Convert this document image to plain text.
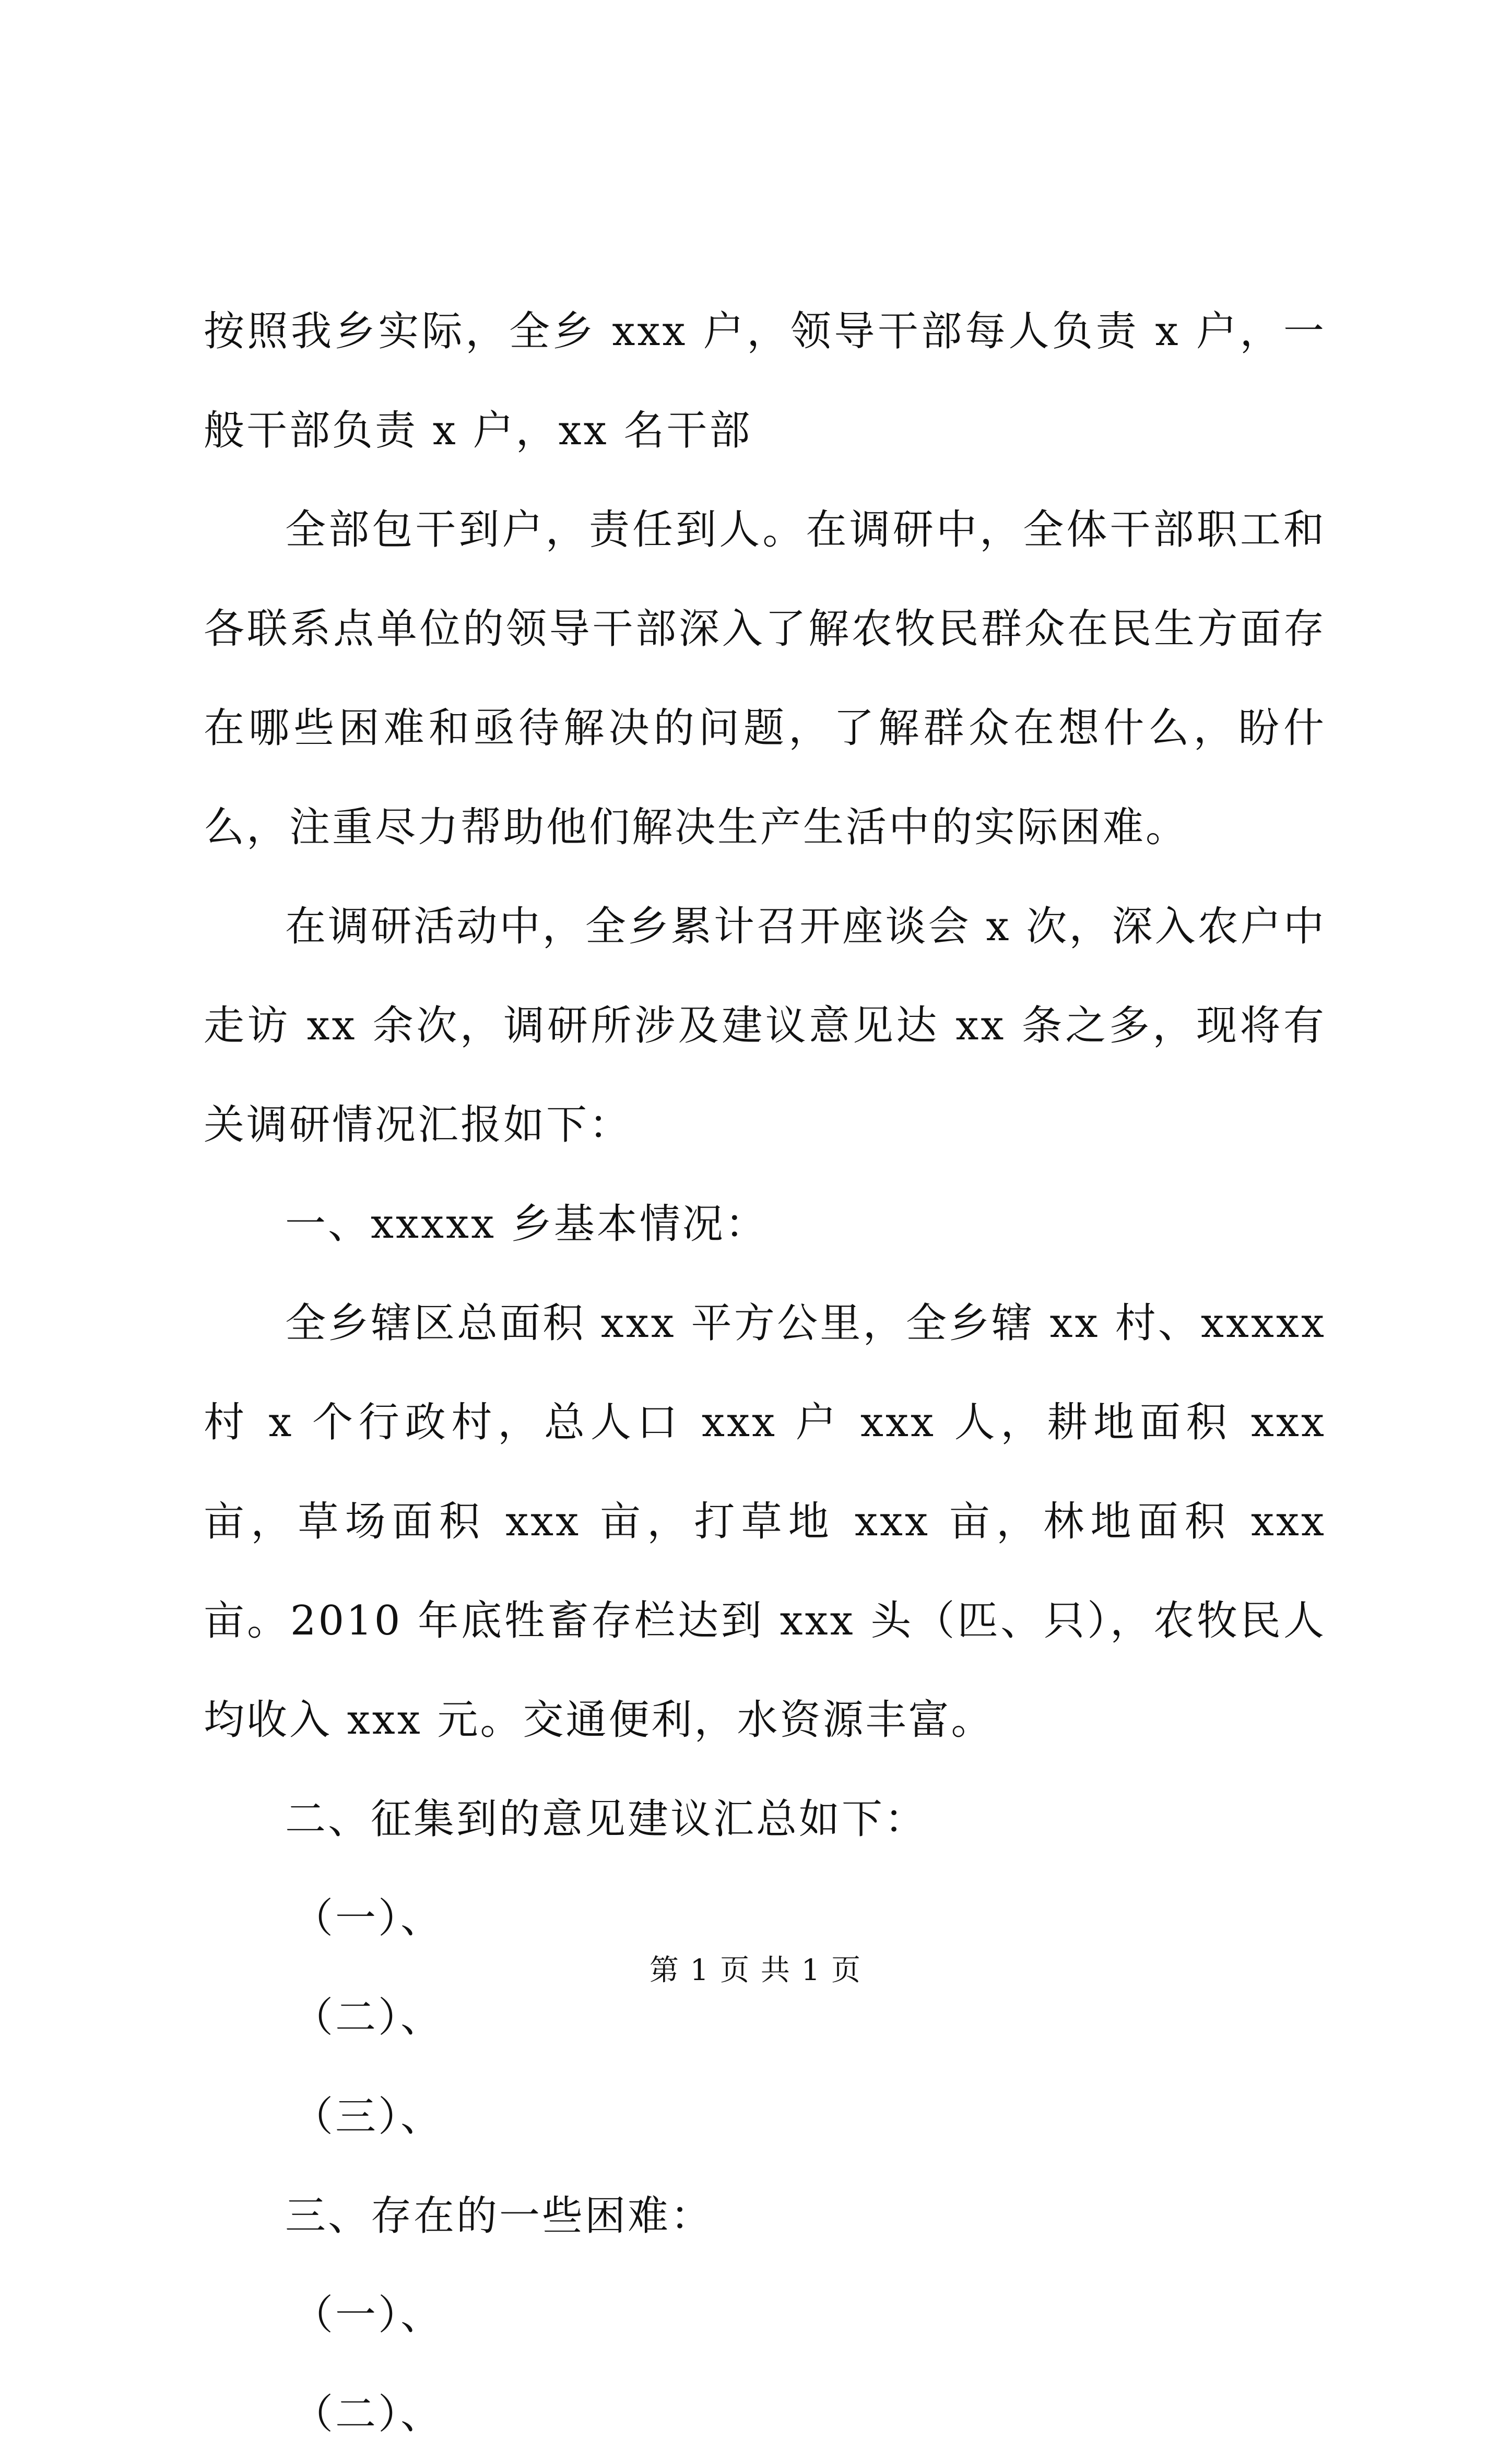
按照我乡实际，全乡 xxx 户，领导干部每人负责 x 户，一般干部负责 x 户，xx 名干部

全部包干到户，责任到人。在调研中，全体干部职工和各联系点单位的领导干部深入了解农牧民群众在民生方面存在哪些困难和亟待解决的问题，了解群众在想什么，盼什么，注重尽力帮助他们解决生产生活中的实际困难。

在调研活动中，全乡累计召开座谈会 x 次，深入农户中走访 xx 余次，调研所涉及建议意见达 xx 条之多，现将有关调研情况汇报如下：

一、xxxxx 乡基本情况：

全乡辖区总面积 xxx 平方公里，全乡辖 xx 村、xxxxx 村 x 个行政村，总人口 xxx 户 xxx 人，耕地面积 xxx 亩，草场面积 xxx 亩，打草地 xxx 亩，林地面积 xxx 亩。2010 年底牲畜存栏达到 xxx 头（匹、只），农牧民人均收入 xxx 元。交通便利，水资源丰富。

二、征集到的意见建议汇总如下：

（一）、

（二）、

（三）、

三、存在的一些困难：

（一）、

（二）、

第 1 页 共 1 页
